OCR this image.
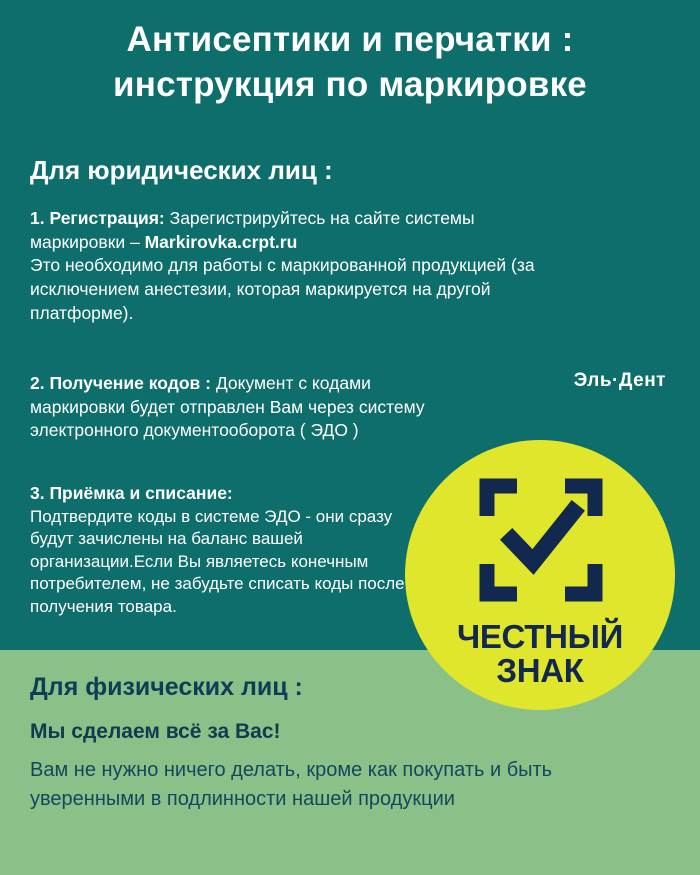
Антисептики и перчатки :
инструкция по маркировке
Для юридических лиц :
1. Регистрация: Зарегистрируйтесь на сайте системы маркировки – Markirovka.crpt.ru
Это необходимо для работы с маркированной продукцией (за исключением анестезии, которая маркируется на другой платформе).
2. Получение кодов : Документ с кодами маркировки будет отправлен Вам через систему электронного документооборота ( ЭДО )
3. Приёмка и списание:
Подтвердите коды в системе ЭДО - они сразу будут зачислены на баланс вашей организации.Если Вы являетесь конечным потребителем, не забудьте списать коды после получения товара.
Эль·Дент
ЧЕСТНЫЙ
ЗНАК
Для физических лиц :
Мы сделаем всё за Вас!
Вам не нужно ничего делать, кроме как покупать и быть уверенными в подлинности нашей продукции
